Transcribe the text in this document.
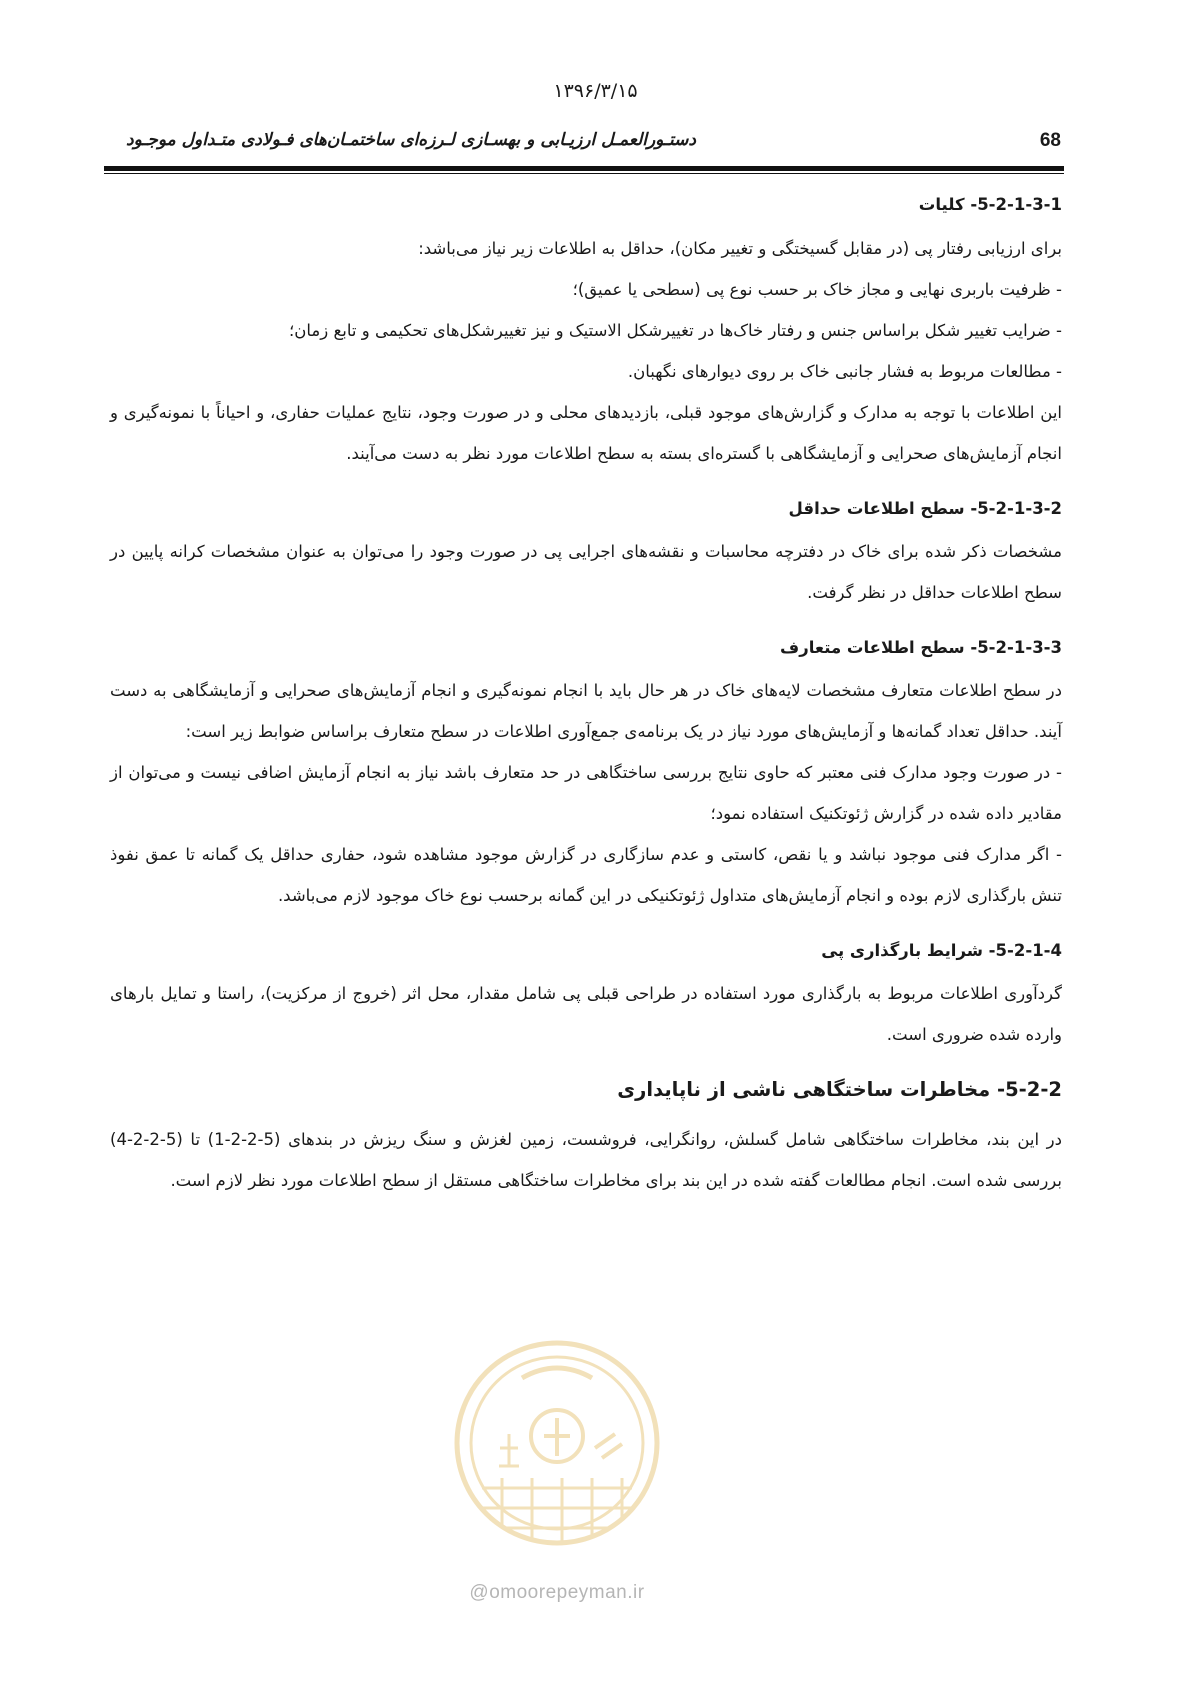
۱۳۹۶/۳/۱۵
دستـورالعمـل ارزیـابی و بهسـازی لـرزه‌ای ساختمـان‌های فـولادی متـداول موجـود	68
5-2-1-3-1- کلیات

برای ارزیابی رفتار پی (در مقابل گسیختگی و تغییر مکان)، حداقل به اطلاعات زیر نیاز می‌باشد:

- ظرفیت باربری نهایی و مجاز خاک بر حسب نوع پی (سطحی یا عمیق)؛

- ضرایب تغییر شکل براساس جنس و رفتار خاک‌ها در تغییرشکل الاستیک و نیز تغییرشکل‌های تحکیمی و تابع زمان؛

- مطالعات مربوط به فشار جانبی خاک بر روی دیوارهای نگهبان.

این اطلاعات با توجه به مدارک و گزارش‌های موجود قبلی، بازدیدهای محلی و در صورت وجود، نتایج عملیات حفاری، و احیاناً با نمونه‌گیری و انجام آزمایش‌های صحرایی و آزمایشگاهی با گستره‌ای بسته به سطح اطلاعات مورد نظر به دست می‌آیند.

5-2-1-3-2- سطح اطلاعات حداقل

مشخصات ذکر شده برای خاک در دفترچه محاسبات و نقشه‌های اجرایی پی در صورت وجود را می‌توان به عنوان مشخصات کرانه پایین در سطح اطلاعات حداقل در نظر گرفت.

5-2-1-3-3- سطح اطلاعات متعارف

در سطح اطلاعات متعارف مشخصات لایه‌های خاک در هر حال باید با انجام نمونه‌گیری و انجام آزمایش‌های صحرایی و آزمایشگاهی به دست آیند. حداقل تعداد گمانه‌ها و آزمایش‌های مورد نیاز در یک برنامه‌ی جمع‌آوری اطلاعات در سطح متعارف براساس ضوابط زیر است:

- در صورت وجود مدارک فنی معتبر که حاوی نتایج بررسی ساختگاهی در حد متعارف باشد نیاز به انجام آزمایش اضافی نیست و می‌توان از مقادیر داده شده در گزارش ژئوتکنیک استفاده نمود؛

- اگر مدارک فنی موجود نباشد و یا نقص، کاستی و عدم سازگاری در گزارش موجود مشاهده شود، حفاری حداقل یک گمانه تا عمق نفوذ تنش بارگذاری لازم بوده و انجام آزمایش‌های متداول ژئوتکنیکی در این گمانه برحسب نوع خاک موجود لازم می‌باشد.

5-2-1-4- شرایط بارگذاری پی

گردآوری اطلاعات مربوط به بارگذاری مورد استفاده در طراحی قبلی پی شامل مقدار، محل اثر (خروج از مرکزیت)، راستا و تمایل بارهای وارده شده ضروری است.

5-2-2- مخاطرات ساختگاهی ناشی از ناپایداری

در این بند، مخاطرات ساختگاهی شامل گسلش، روانگرایی، فروشست، زمین لغزش و سنگ ریزش در بندهای (5-2-2-1) تا (5-2-2-4) بررسی شده است. انجام مطالعات گفته شده در این بند برای مخاطرات ساختگاهی مستقل از سطح اطلاعات مورد نظر لازم است.

@omoorepeyman.ir
